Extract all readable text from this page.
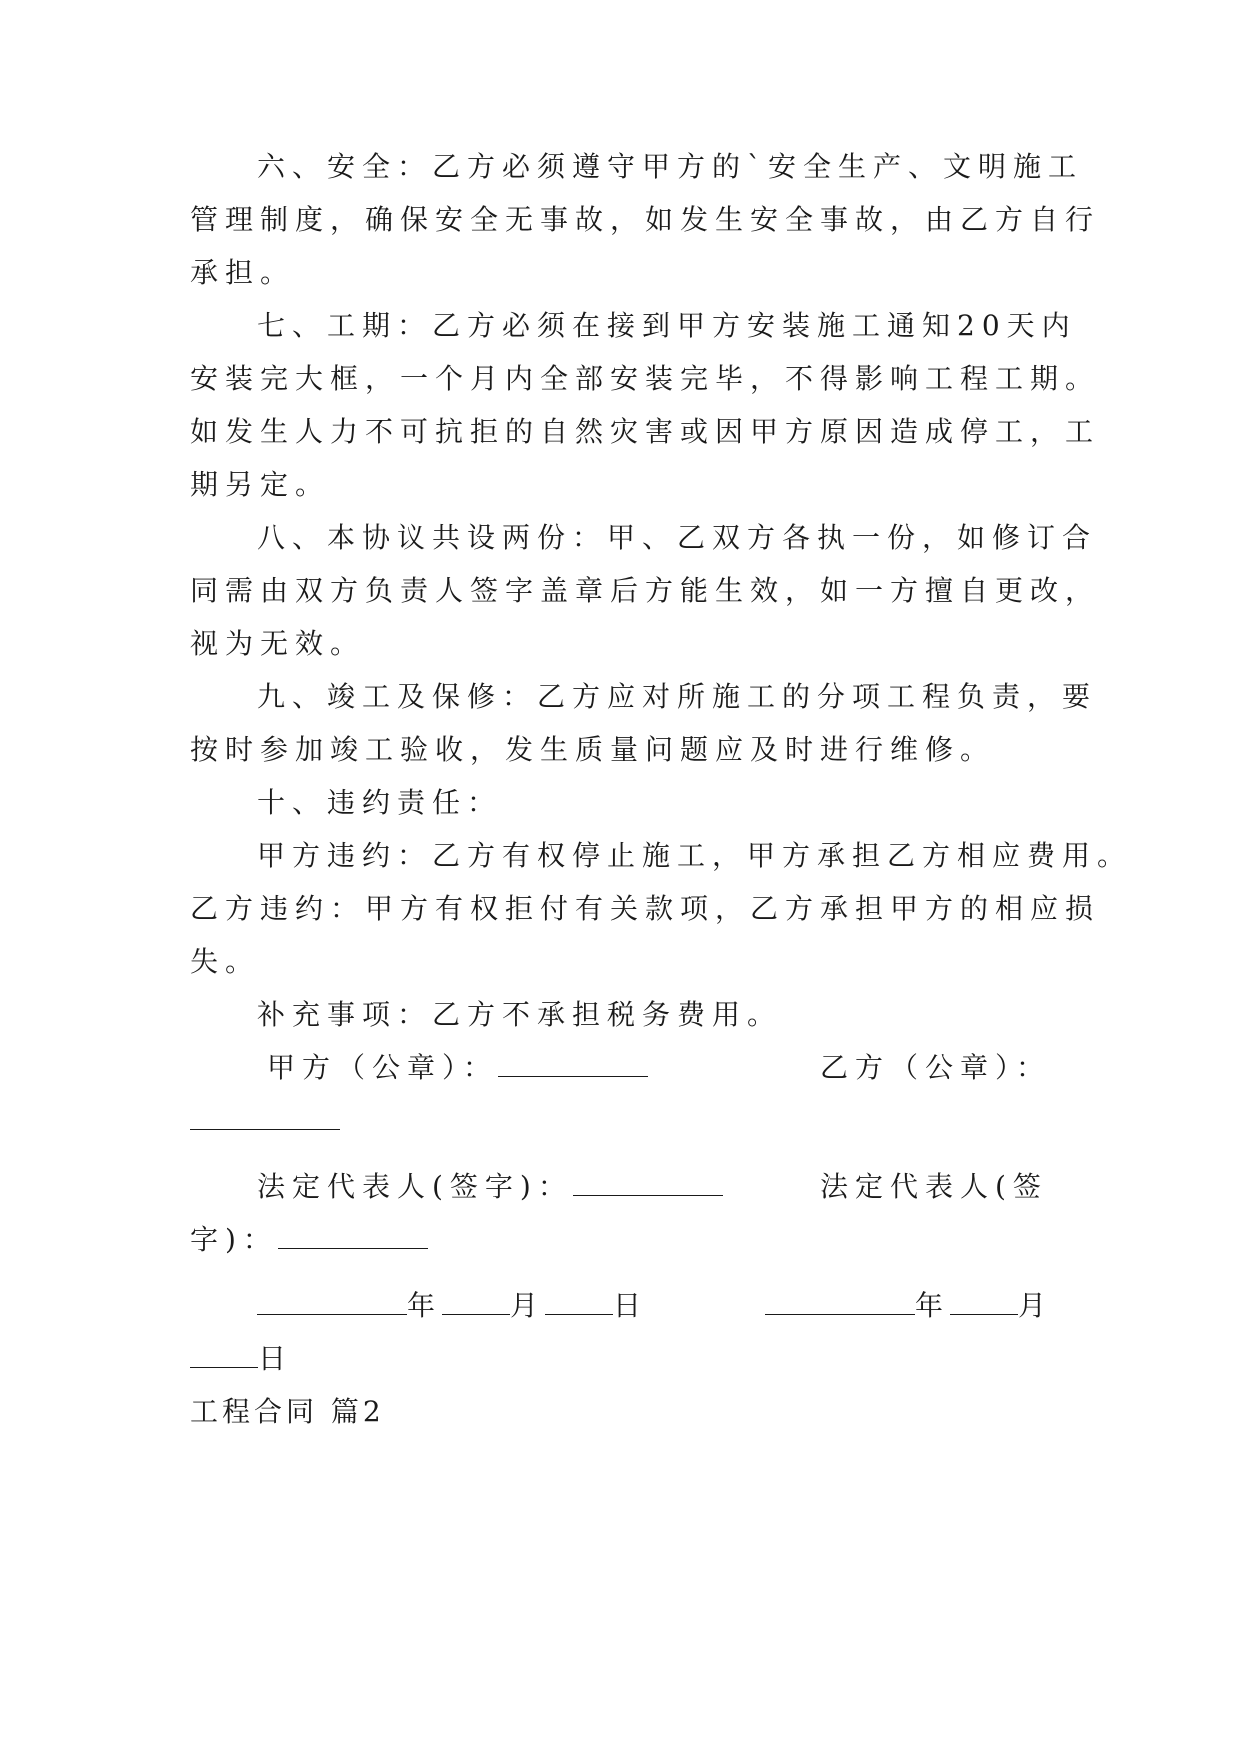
六、安全：乙方必须遵守甲方的`安全生产、文明施工
管理制度，确保安全无事故，如发生安全事故，由乙方自行
承担。
七、工期：乙方必须在接到甲方安装施工通知20天内
安装完大框，一个月内全部安装完毕，不得影响工程工期。
如发生人力不可抗拒的自然灾害或因甲方原因造成停工，工
期另定。
八、本协议共设两份：甲、乙双方各执一份，如修订合
同需由双方负责人签字盖章后方能生效，如一方擅自更改，
视为无效。
九、竣工及保修：乙方应对所施工的分项工程负责，要
按时参加竣工验收，发生质量问题应及时进行维修。
十、违约责任：
甲方违约：乙方有权停止施工，甲方承担乙方相应费用。
乙方违约：甲方有权拒付有关款项，乙方承担甲方的相应损
失。
补充事项：乙方不承担税务费用。
甲方（公章）：	乙方（公章）：
法定代表人(签字)：	法定代表人(签
字)：
年 月 日	年 月
日
工程合同 篇2
